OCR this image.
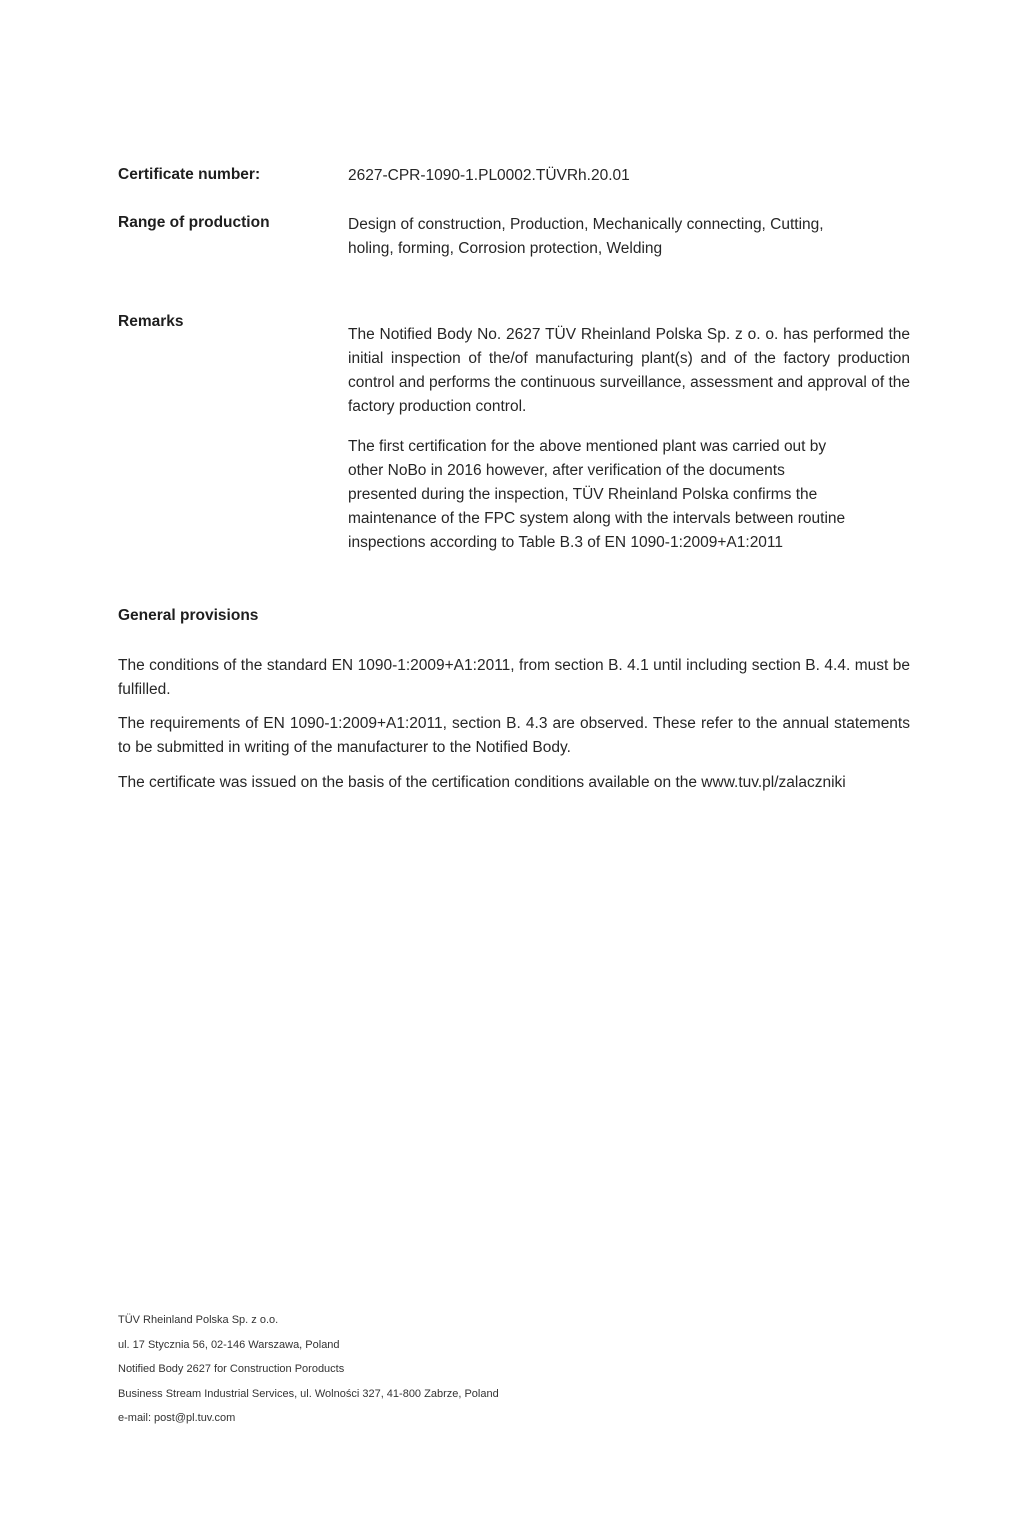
Certificate number:	2627-CPR-1090-1.PL0002.TÜVRh.20.01
Range of production	Design of construction, Production, Mechanically connecting, Cutting,
holing, forming, Corrosion protection, Welding
Remarks
The Notified Body No. 2627 TÜV Rheinland Polska Sp. z o. o. has performed the initial inspection of the/of manufacturing plant(s) and of the factory production control and performs the continuous surveillance, assessment and approval of the factory production control.
The first certification for the above mentioned plant was carried out by
other NoBo in 2016 however, after verification of the documents
presented during the inspection, TÜV Rheinland Polska confirms the
maintenance of the FPC system along with the intervals between routine
inspections according to Table B.3 of EN 1090-1:2009+A1:2011
General provisions
The conditions of the standard EN 1090-1:2009+A1:2011, from section B. 4.1 until including section B. 4.4. must be fulfilled.
The requirements of EN 1090-1:2009+A1:2011, section B. 4.3 are observed. These refer to the annual statements to be submitted in writing of the manufacturer to the Notified Body.
The certificate was issued on the basis of the certification conditions available on the www.tuv.pl/zalaczniki
TÜV Rheinland Polska Sp. z o.o.
ul. 17 Stycznia 56, 02-146 Warszawa, Poland
Notified Body 2627 for Construction Poroducts
Business Stream Industrial Services, ul. Wolności 327, 41-800 Zabrze, Poland
e-mail: post@pl.tuv.com
